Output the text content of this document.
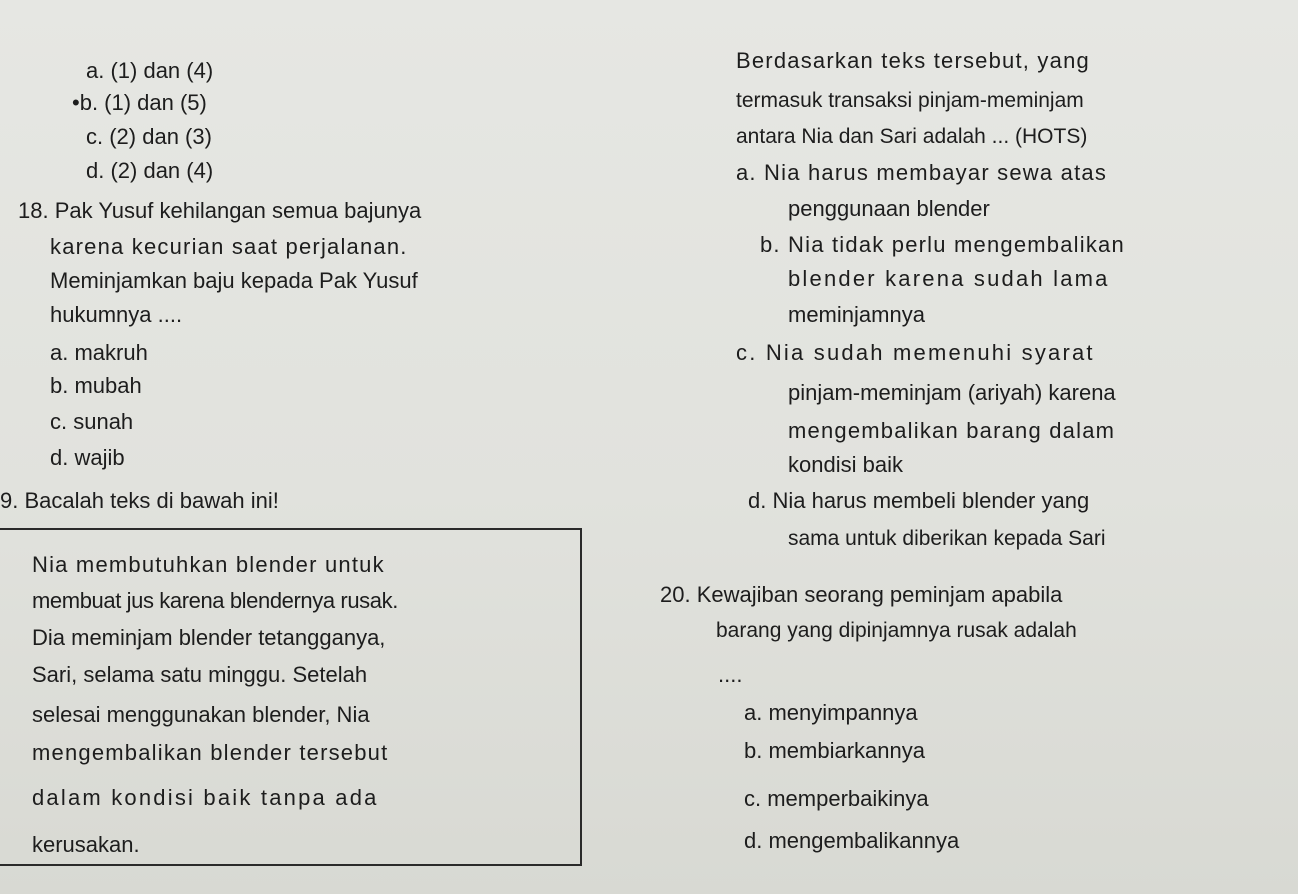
a. (1) dan (4)
•b. (1) dan (5)
c. (2) dan (3)
d. (2) dan (4)
18. Pak Yusuf kehilangan semua bajunya
karena kecurian saat perjalanan.
Meminjamkan baju kepada Pak Yusuf
hukumnya ....
a. makruh
b. mubah
c. sunah
d. wajib
9. Bacalah teks di bawah ini!
Nia membutuhkan blender untuk
membuat jus karena blendernya rusak.
Dia meminjam blender tetangganya,
Sari, selama satu minggu. Setelah
selesai menggunakan blender, Nia
mengembalikan blender tersebut
dalam kondisi baik tanpa ada
kerusakan.
Berdasarkan teks tersebut, yang
termasuk transaksi pinjam-meminjam
antara Nia dan Sari adalah ... (HOTS)
a. Nia harus membayar sewa atas
penggunaan blender
b. Nia tidak perlu mengembalikan
blender karena sudah lama
meminjamnya
c. Nia sudah memenuhi syarat
pinjam-meminjam (ariyah) karena
mengembalikan barang dalam
kondisi baik
d. Nia harus membeli blender yang
sama untuk diberikan kepada Sari
20. Kewajiban seorang peminjam apabila
barang yang dipinjamnya rusak adalah
....
a. menyimpannya
b. membiarkannya
c. memperbaikinya
d. mengembalikannya
